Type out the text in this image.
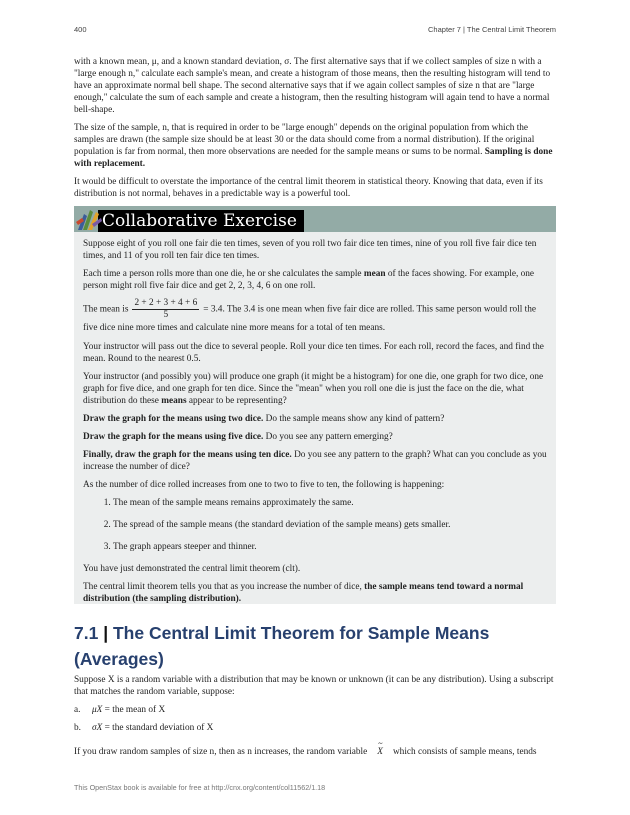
400	Chapter 7 | The Central Limit Theorem

with a known mean, μ, and a known standard deviation, σ. The first alternative says that if we collect samples of size n with a "large enough n," calculate each sample's mean, and create a histogram of those means, then the resulting histogram will tend to have an approximate normal bell shape. The second alternative says that if we again collect samples of size n that are "large enough," calculate the sum of each sample and create a histogram, then the resulting histogram will again tend to have a normal bell-shape.

The size of the sample, n, that is required in order to be "large enough" depends on the original population from which the samples are drawn (the sample size should be at least 30 or the data should come from a normal distribution). If the original population is far from normal, then more observations are needed for the sample means or sums to be normal. Sampling is done with replacement.

It would be difficult to overstate the importance of the central limit theorem in statistical theory. Knowing that data, even if its distribution is not normal, behaves in a predictable way is a powerful tool.

Collaborative Exercise

Suppose eight of you roll one fair die ten times, seven of you roll two fair dice ten times, nine of you roll five fair dice ten times, and 11 of you roll ten fair dice ten times.

Each time a person rolls more than one die, he or she calculates the sample mean of the faces showing. For example, one person might roll five fair dice and get 2, 2, 3, 4, 6 on one roll.

The mean is $\frac{2 + 2 + 3 + 4 + 6}{5} = 3.4$. The 3.4 is one mean when five fair dice are rolled. This same person would roll the five dice nine more times and calculate nine more means for a total of ten means.

Your instructor will pass out the dice to several people. Roll your dice ten times. For each roll, record the faces, and find the mean. Round to the nearest 0.5.

Your instructor (and possibly you) will produce one graph (it might be a histogram) for one die, one graph for two dice, one graph for five dice, and one graph for ten dice. Since the "mean" when you roll one die is just the face on the die, what distribution do these means appear to be representing?

Draw the graph for the means using two dice. Do the sample means show any kind of pattern?

Draw the graph for the means using five dice. Do you see any pattern emerging?

Finally, draw the graph for the means using ten dice. Do you see any pattern to the graph? What can you conclude as you increase the number of dice?

As the number of dice rolled increases from one to two to five to ten, the following is happening:

1. The mean of the sample means remains approximately the same.
2. The spread of the sample means (the standard deviation of the sample means) gets smaller.
3. The graph appears steeper and thinner.

You have just demonstrated the central limit theorem (clt).

The central limit theorem tells you that as you increase the number of dice, the sample means tend toward a normal distribution (the sampling distribution).

7.1 | The Central Limit Theorem for Sample Means (Averages)

Suppose X is a random variable with a distribution that may be known or unknown (it can be any distribution). Using a subscript that matches the random variable, suppose:

a. μX = the mean of X
b. σX = the standard deviation of X

If you draw random samples of size n, then as n increases, the random variable
~
X which consists of sample means, tends

This OpenStax book is available for free at http://cnx.org/content/col11562/1.18
